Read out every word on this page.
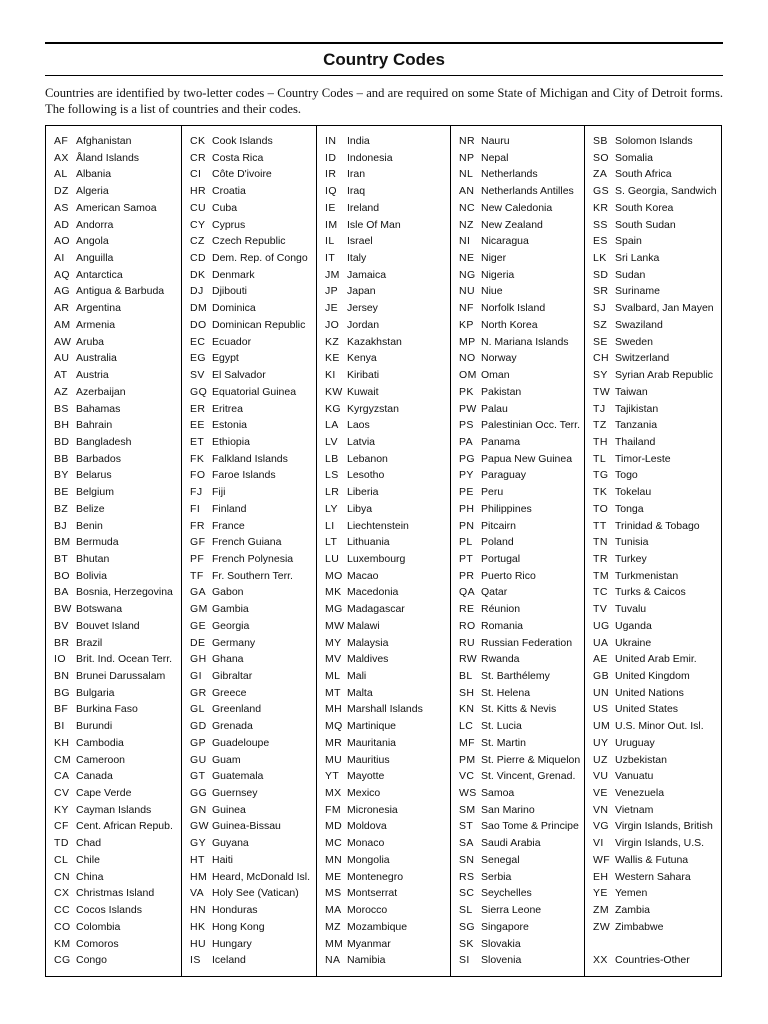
Country Codes
Countries are identified by two-letter codes – Country Codes – and are required on some State of Michigan and City of Detroit forms. The following is a list of countries and their codes.
AF Afghanistan
AX Åland Islands
AL Albania
DZ Algeria
AS American Samoa
AD Andorra
AO Angola
AI	Anguilla
AQ Antarctica
AG Antigua & Barbuda
AR Argentina
AM Armenia
AW Aruba
AU Australia
AT Austria
AZ Azerbaijan
BS Bahamas
BH Bahrain
BD Bangladesh
BB Barbados
BY Belarus
BE Belgium
BZ Belize
BJ Benin
BM Bermuda
BT Bhutan
BO Bolivia
BA Bosnia, Herzegovina
BW Botswana
BV Bouvet Island
BR Brazil
IO Brit. Ind. Ocean Terr.
BN Brunei Darussalam
BG Bulgaria
BF Burkina Faso
BI	Burundi
KH Cambodia
CM Cameroon
CA Canada
CV Cape Verde
KY Cayman Islands
CF Cent. African Repub.
TD Chad
CL Chile
CN China
CX Christmas Island
CC Cocos Islands
CO Colombia
KM Comoros
CG Congo
CK Cook Islands
CR Costa Rica
CI	Côte D'ivoire
HR Croatia
CU Cuba
CY Cyprus
CZ Czech Republic
CD Dem. Rep. of Congo
DK Denmark
DJ Djibouti
DM Dominica
DO Dominican Republic
EC Ecuador
EG Egypt
SV El Salvador
GQ Equatorial Guinea
ER Eritrea
EE Estonia
ET Ethiopia
FK Falkland Islands
FO Faroe Islands
FJ Fiji
FI	Finland
FR France
GF French Guiana
PF French Polynesia
TF Fr. Southern Terr.
GA Gabon
GM Gambia
GE Georgia
DE Germany
GH Ghana
GI Gibraltar
GR Greece
GL Greenland
GD Grenada
GP Guadeloupe
GU Guam
GT Guatemala
GG Guernsey
GN Guinea
GW Guinea-Bissau
GY Guyana
HT Haiti
HM Heard, McDonald Isl.
VA Holy See (Vatican)
HN Honduras
HK Hong Kong
HU Hungary
IS	Iceland
IN	India
ID	Indonesia
IR	Iran
IQ Iraq
IE	Ireland
IM Isle Of Man
IL	Israel
IT	Italy
JM Jamaica
JP Japan
JE Jersey
JO Jordan
KZ Kazakhstan
KE Kenya
KI	Kiribati
KW Kuwait
KG Kyrgyzstan
LA Laos
LV Latvia
LB Lebanon
LS Lesotho
LR Liberia
LY Libya
LI	Liechtenstein
LT Lithuania
LU Luxembourg
MO Macao
MK Macedonia
MG Madagascar
MW Malawi
MY Malaysia
MV Maldives
ML Mali
MT Malta
MH Marshall Islands
MQ Martinique
MR Mauritania
MU Mauritius
YT Mayotte
MX Mexico
FM Micronesia
MD Moldova
MC Monaco
MN Mongolia
ME Montenegro
MS Montserrat
MA Morocco
MZ Mozambique
MM Myanmar
NA Namibia
NR Nauru
NP Nepal
NL Netherlands
AN Netherlands Antilles
NC New Caledonia
NZ New Zealand
NI	Nicaragua
NE Niger
NG Nigeria
NU Niue
NF Norfolk Island
KP North Korea
MP N. Mariana Islands
NO Norway
OM Oman
PK Pakistan
PW Palau
PS Palestinian Occ. Terr.
PA Panama
PG Papua New Guinea
PY Paraguay
PE Peru
PH Philippines
PN Pitcairn
PL Poland
PT Portugal
PR Puerto Rico
QA Qatar
RE Réunion
RO Romania
RU Russian Federation
RW Rwanda
BL St. Barthélemy
SH St. Helena
KN St. Kitts & Nevis
LC St. Lucia
MF St. Martin
PM St. Pierre & Miquelon
VC St. Vincent, Grenad.
WS Samoa
SM San Marino
ST Sao Tome & Principe
SA Saudi Arabia
SN Senegal
RS Serbia
SC Seychelles
SL Sierra Leone
SG Singapore
SK Slovakia
SI	Slovenia
SB Solomon Islands
SO Somalia
ZA South Africa
GS S. Georgia, Sandwich
KR South Korea
SS South Sudan
ES Spain
LK Sri Lanka
SD Sudan
SR Suriname
SJ Svalbard, Jan Mayen
SZ Swaziland
SE Sweden
CH Switzerland
SY Syrian Arab Republic
TW Taiwan
TJ Tajikistan
TZ Tanzania
TH Thailand
TL Timor-Leste
TG Togo
TK Tokelau
TO Tonga
TT Trinidad & Tobago
TN Tunisia
TR Turkey
TM Turkmenistan
TC Turks & Caicos
TV Tuvalu
UG Uganda
UA Ukraine
AE United Arab Emir.
GB United Kingdom
UN United Nations
US United States
UM U.S. Minor Out. Isl.
UY Uruguay
UZ Uzbekistan
VU Vanuatu
VE Venezuela
VN Vietnam
VG Virgin Islands, British
VI	Virgin Islands, U.S.
WF Wallis & Futuna
EH Western Sahara
YE Yemen
ZM Zambia
ZW Zimbabwe
XX Countries-Other
